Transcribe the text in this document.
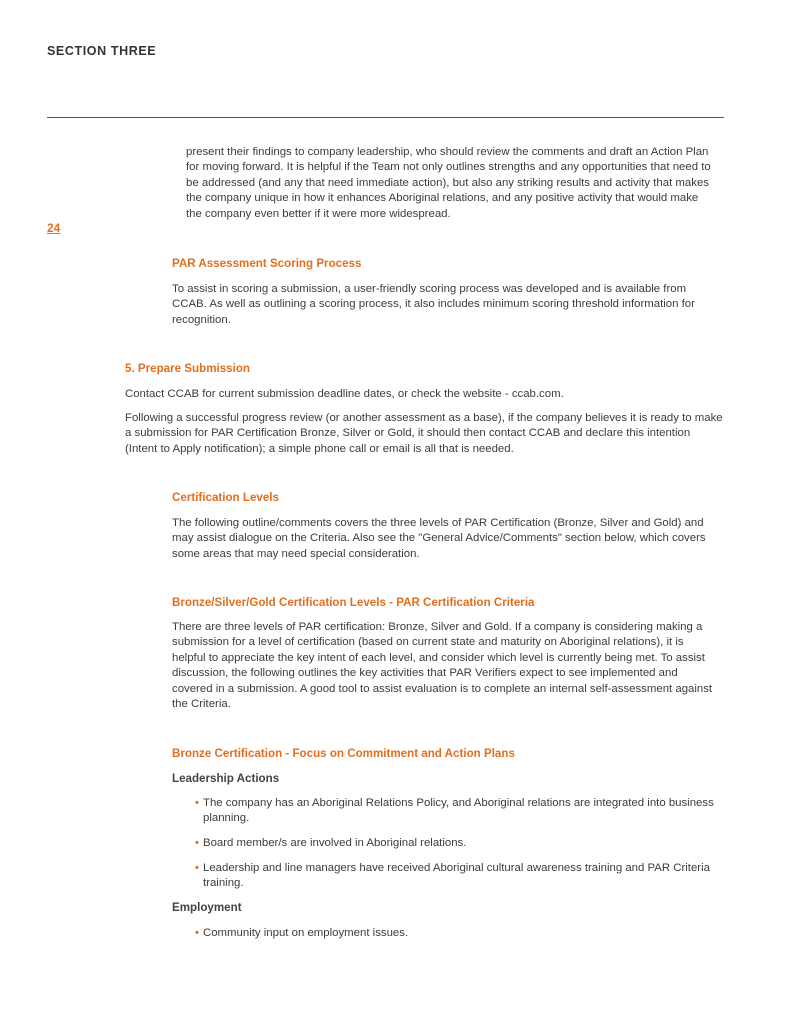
SECTION THREE
24

present their findings to company leadership, who should review the comments and draft an Action Plan for moving forward. It is helpful if the Team not only outlines strengths and any opportunities that need to be addressed (and any that need immediate action), but also any striking results and activity that makes the company unique in how it enhances Aboriginal relations, and any positive activity that would make the company even better if it were more widespread.

PAR Assessment Scoring Process

To assist in scoring a submission, a user-friendly scoring process was developed and is available from CCAB. As well as outlining a scoring process, it also includes minimum scoring threshold information for recognition.

5. Prepare Submission

Contact CCAB for current submission deadline dates, or check the website - ccab.com.

Following a successful progress review (or another assessment as a base), if the company believes it is ready to make a submission for PAR Certification Bronze, Silver or Gold, it should then contact CCAB and declare this intention (Intent to Apply notification); a simple phone call or email is all that is needed.

Certification Levels

The following outline/comments covers the three levels of PAR Certification (Bronze, Silver and Gold) and may assist dialogue on the Criteria. Also see the "General Advice/Comments" section below, which covers some areas that may need special consideration.

Bronze/Silver/Gold Certification Levels - PAR Certification Criteria

There are three levels of PAR certification: Bronze, Silver and Gold. If a company is considering making a submission for a level of certification (based on current state and maturity on Aboriginal relations), it is helpful to appreciate the key intent of each level, and consider which level is currently being met. To assist discussion, the following outlines the key activities that PAR Verifiers expect to see implemented and covered in a submission. A good tool to assist evaluation is to complete an internal self-assessment against the Criteria.

Bronze Certification - Focus on Commitment and Action Plans

Leadership Actions

• The company has an Aboriginal Relations Policy, and Aboriginal relations are integrated into business planning.
• Board member/s are involved in Aboriginal relations.
• Leadership and line managers have received Aboriginal cultural awareness training and PAR Criteria training.

Employment

• Community input on employment issues.
